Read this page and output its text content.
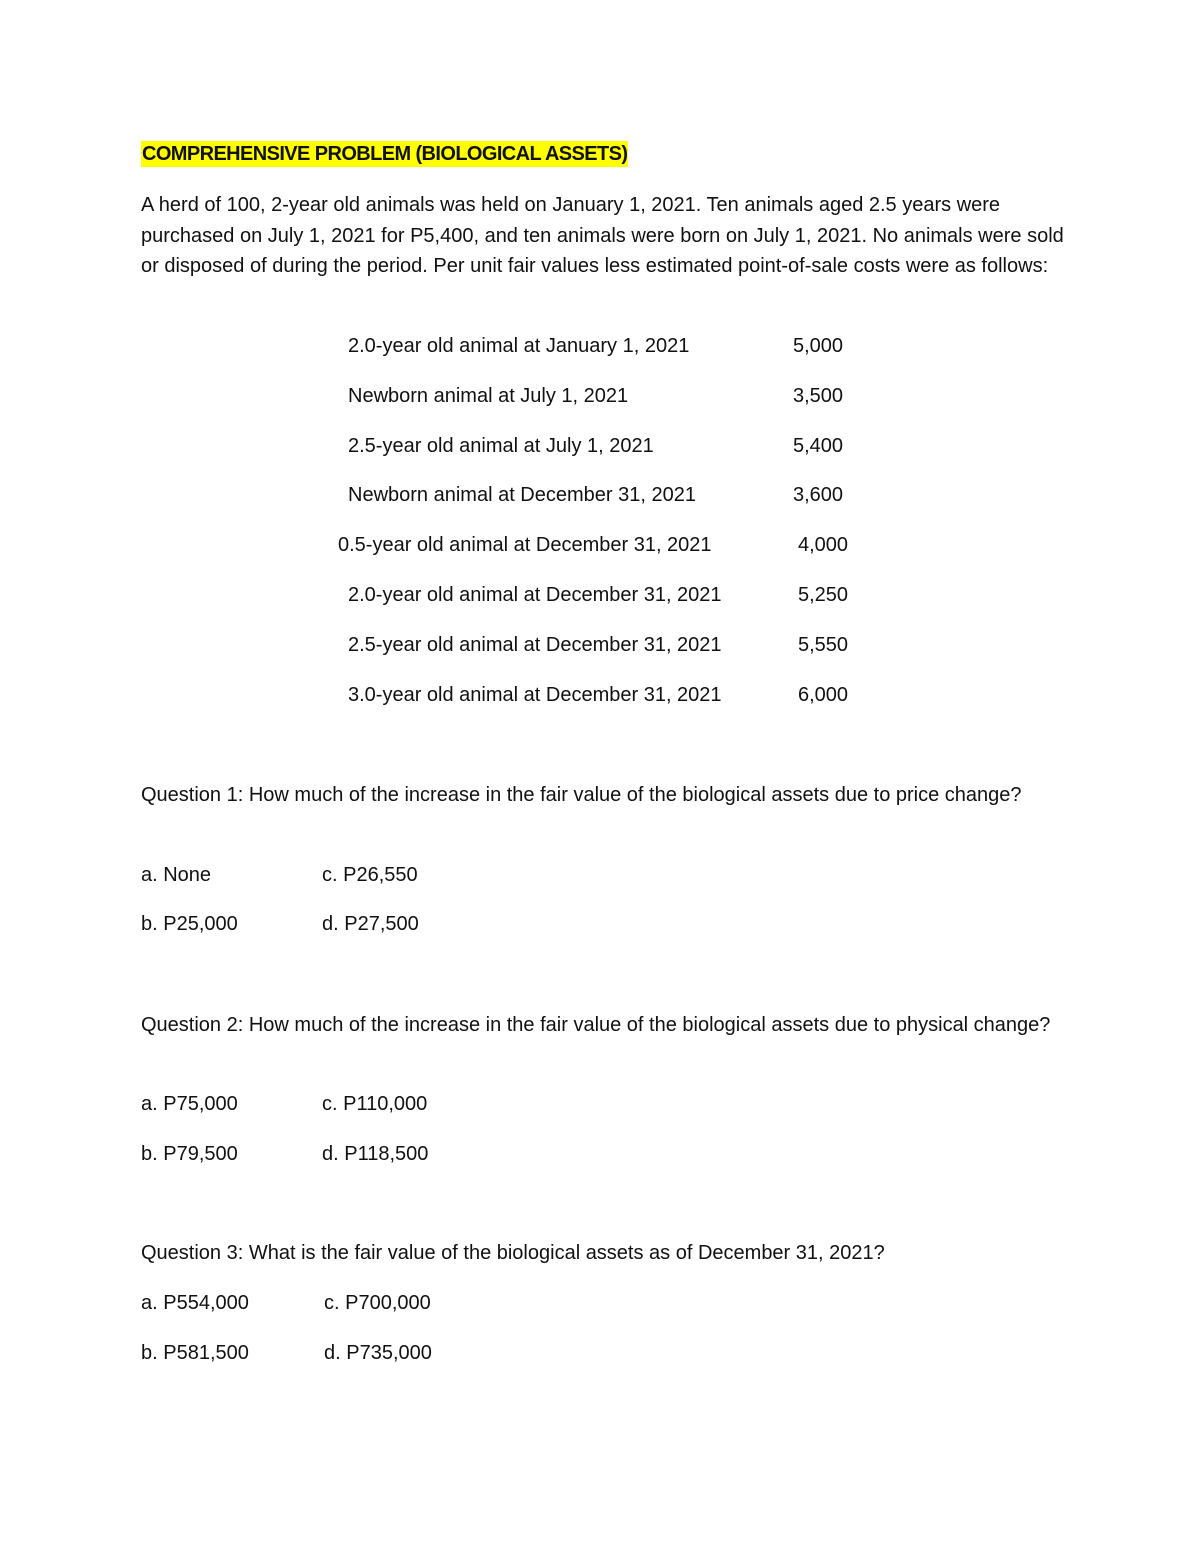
COMPREHENSIVE PROBLEM (BIOLOGICAL ASSETS)

A herd of 100, 2-year old animals was held on January 1, 2021. Ten animals aged 2.5 years were purchased on July 1, 2021 for P5,400, and ten animals were born on July 1, 2021. No animals were sold or disposed of during the period. Per unit fair values less estimated point-of-sale costs were as follows:

2.0-year old animal at January 1, 2021	5,000
Newborn animal at July 1, 2021	3,500
2.5-year old animal at July 1, 2021	5,400
Newborn animal at December 31, 2021	3,600
0.5-year old animal at December 31, 2021	4,000
2.0-year old animal at December 31, 2021	5,250
2.5-year old animal at December 31, 2021	5,550
3.0-year old animal at December 31, 2021	6,000

Question 1: How much of the increase in the fair value of the biological assets due to price change?

a. None	c. P26,550
b. P25,000	d. P27,500

Question 2: How much of the increase in the fair value of the biological assets due to physical change?

a. P75,000	c. P110,000
b. P79,500	d. P118,500

Question 3: What is the fair value of the biological assets as of December 31, 2021?

a. P554,000	c. P700,000
b. P581,500	d. P735,000
